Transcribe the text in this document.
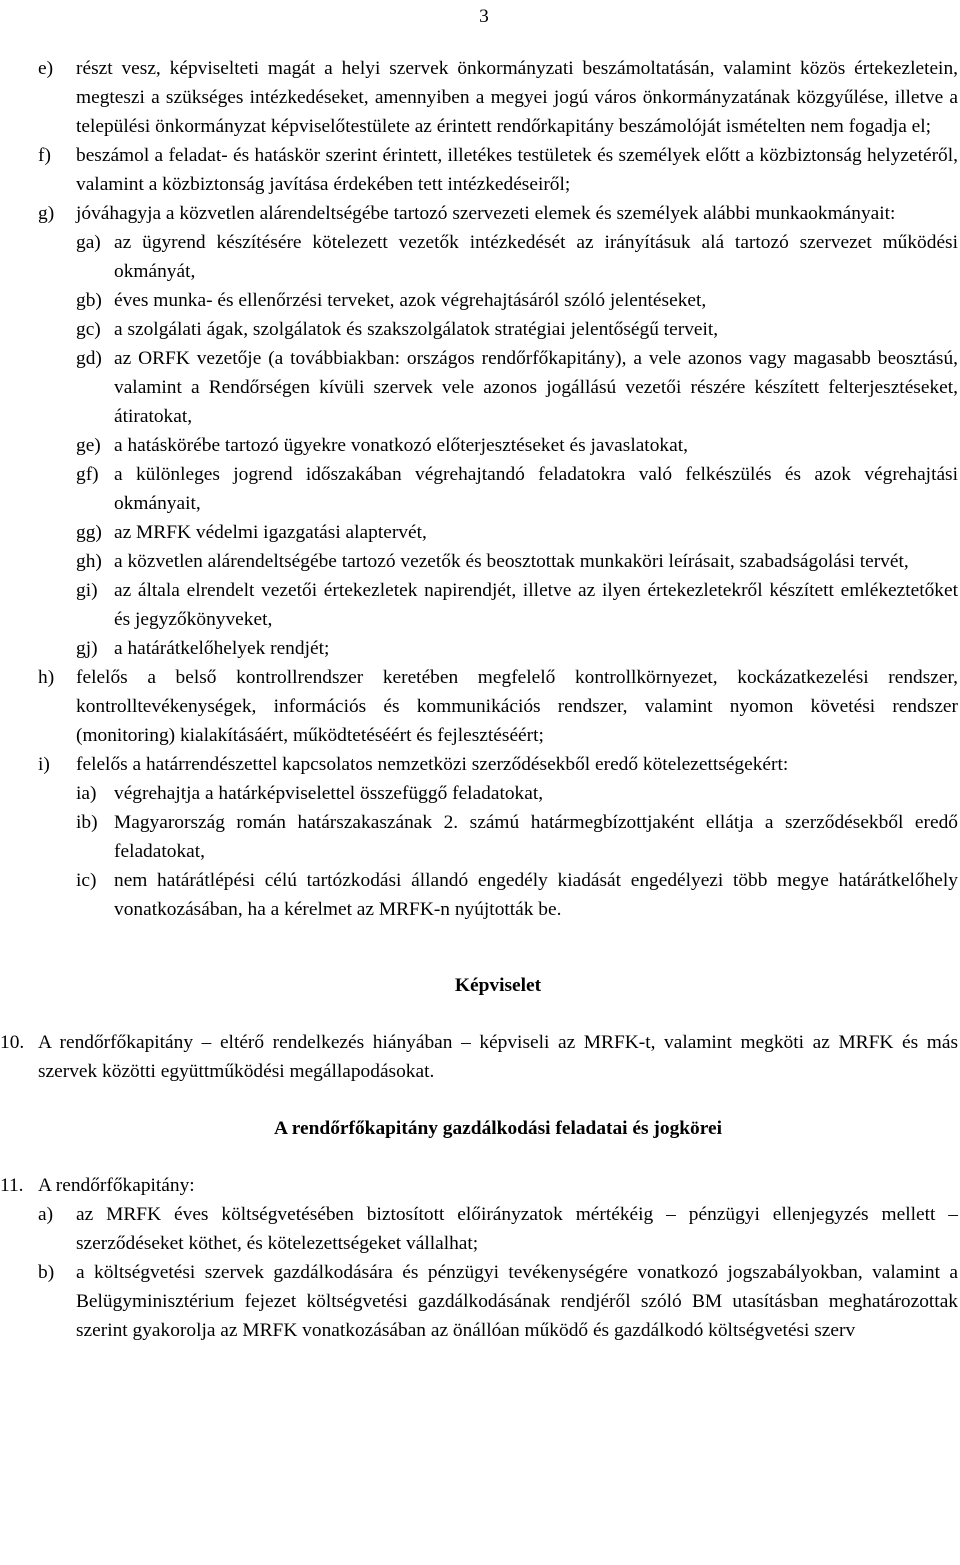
3
e) részt vesz, képviselteti magát a helyi szervek önkormányzati beszámoltatásán, valamint közös értekezletein, megteszi a szükséges intézkedéseket, amennyiben a megyei jogú város önkormányzatának közgyűlése, illetve a települési önkormányzat képviselőtestülete az érintett rendőrkapitány beszámolóját ismételten nem fogadja el;
f) beszámol a feladat- és hatáskör szerint érintett, illetékes testületek és személyek előtt a közbiztonság helyzetéről, valamint a közbiztonság javítása érdekében tett intézkedéseiről;
g) jóváhagyja a közvetlen alárendeltségébe tartozó szervezeti elemek és személyek alábbi munkaokmányait:
ga) az ügyrend készítésére kötelezett vezetők intézkedését az irányításuk alá tartozó szervezet működési okmányát,
gb) éves munka- és ellenőrzési terveket, azok végrehajtásáról szóló jelentéseket,
gc) a szolgálati ágak, szolgálatok és szakszolgálatok stratégiai jelentőségű terveit,
gd) az ORFK vezetője (a továbbiakban: országos rendőrfőkapitány), a vele azonos vagy magasabb beosztású, valamint a Rendőrségen kívüli szervek vele azonos jogállású vezetői részére készített felterjesztéseket, átiratokat,
ge) a hatáskörébe tartozó ügyekre vonatkozó előterjesztéseket és javaslatokat,
gf) a különleges jogrend időszakában végrehajtandó feladatokra való felkészülés és azok végrehajtási okmányait,
gg) az MRFK védelmi igazgatási alaptervét,
gh) a közvetlen alárendeltségébe tartozó vezetők és beosztottak munkaköri leírásait, szabadságolási tervét,
gi) az általa elrendelt vezetői értekezletek napirendjét, illetve az ilyen értekezletekről készített emlékeztetőket és jegyzőkönyveket,
gj) a határátkelőhelyek rendjét;
h) felelős a belső kontrollrendszer keretében megfelelő kontrollkörnyezet, kockázatkezelési rendszer, kontrolltevékenységek, információs és kommunikációs rendszer, valamint nyomon követési rendszer (monitoring) kialakításáért, működtetéséért és fejlesztéséért;
i) felelős a határrendészettel kapcsolatos nemzetközi szerződésekből eredő kötelezettségekért:
ia) végrehajtja a határképviselettel összefüggő feladatokat,
ib) Magyarország román határszakaszának 2. számú határmegbízottjaként ellátja a szerződésekből eredő feladatokat,
ic) nem határátlépési célú tartózkodási állandó engedély kiadását engedélyezi több megye határátkelőhely vonatkozásában, ha a kérelmet az MRFK-n nyújtották be.
Képviselet
10. A rendőrfőkapitány – eltérő rendelkezés hiányában – képviseli az MRFK-t, valamint megköti az MRFK és más szervek közötti együttműködési megállapodásokat.
A rendőrfőkapitány gazdálkodási feladatai és jogkörei
11. A rendőrfőkapitány:
a) az MRFK éves költségvetésében biztosított előirányzatok mértékéig – pénzügyi ellenjegyzés mellett – szerződéseket köthet, és kötelezettségeket vállalhat;
b) a költségvetési szervek gazdálkodására és pénzügyi tevékenységére vonatkozó jogszabályokban, valamint a Belügyminisztérium fejezet költségvetési gazdálkodásának rendjéről szóló BM utasításban meghatározottak szerint gyakorolja az MRFK vonatkozásában az önállóan működő és gazdálkodó költségvetési szerv
